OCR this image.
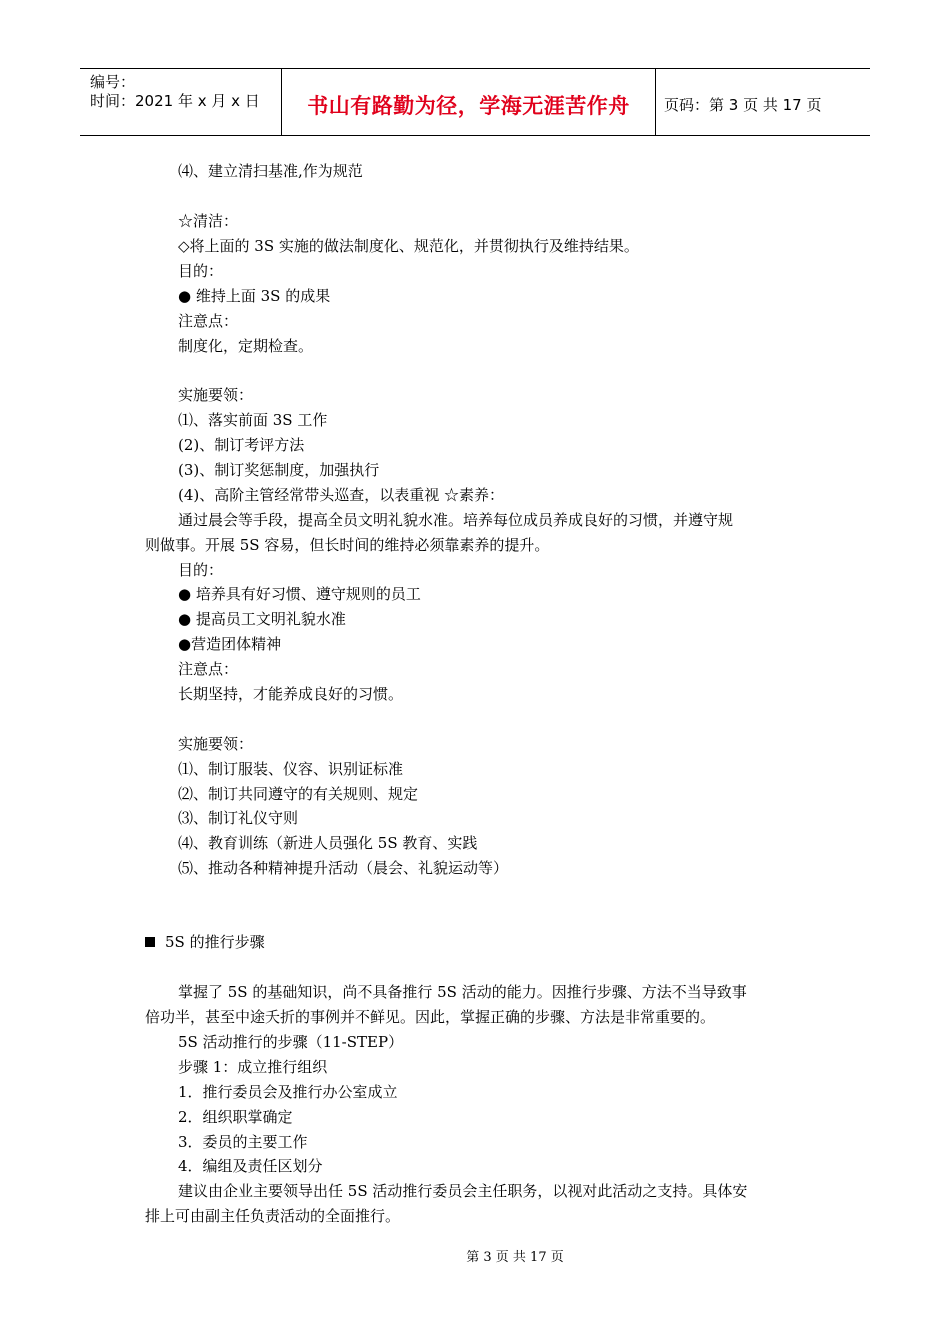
编号：
时间：2021 年 x 月 x 日	书山有路勤为径，学海无涯苦作舟	页码：第 3 页 共 17 页
⑷、建立清扫基准,作为规范
☆清洁：
◇将上面的 3S 实施的做法制度化、规范化，并贯彻执行及维持结果。
目的：
● 维持上面 3S 的成果
注意点：
制度化，定期检查。
实施要领：
⑴、落实前面 3S 工作
(2)、制订考评方法
(3)、制订奖惩制度，加强执行
(4)、高阶主管经常带头巡查，以表重视 ☆素养：
通过晨会等手段，提高全员文明礼貌水准。培养每位成员养成良好的习惯，并遵守规
则做事。开展 5S 容易，但长时间的维持必须靠素养的提升。
目的：
● 培养具有好习惯、遵守规则的员工
● 提高员工文明礼貌水准
●营造团体精神
注意点：
长期坚持，才能养成良好的习惯。
实施要领：
⑴、制订服装、仪容、识别证标准
⑵、制订共同遵守的有关规则、规定
⑶、制订礼仪守则
⑷、教育训练（新进人员强化 5S 教育、实践
⑸、推动各种精神提升活动（晨会、礼貌运动等）
5S 的推行步骤
掌握了 5S 的基础知识，尚不具备推行 5S 活动的能力。因推行步骤、方法不当导致事
倍功半，甚至中途夭折的事例并不鲜见。因此，掌握正确的步骤、方法是非常重要的。
5S 活动推行的步骤（11-STEP）
步骤 1：成立推行组织
1．推行委员会及推行办公室成立
2．组织职掌确定
3．委员的主要工作
4．编组及责任区划分
建议由企业主要领导出任 5S 活动推行委员会主任职务，以视对此活动之支持。具体安
排上可由副主任负责活动的全面推行。
第 3 页 共 17 页
